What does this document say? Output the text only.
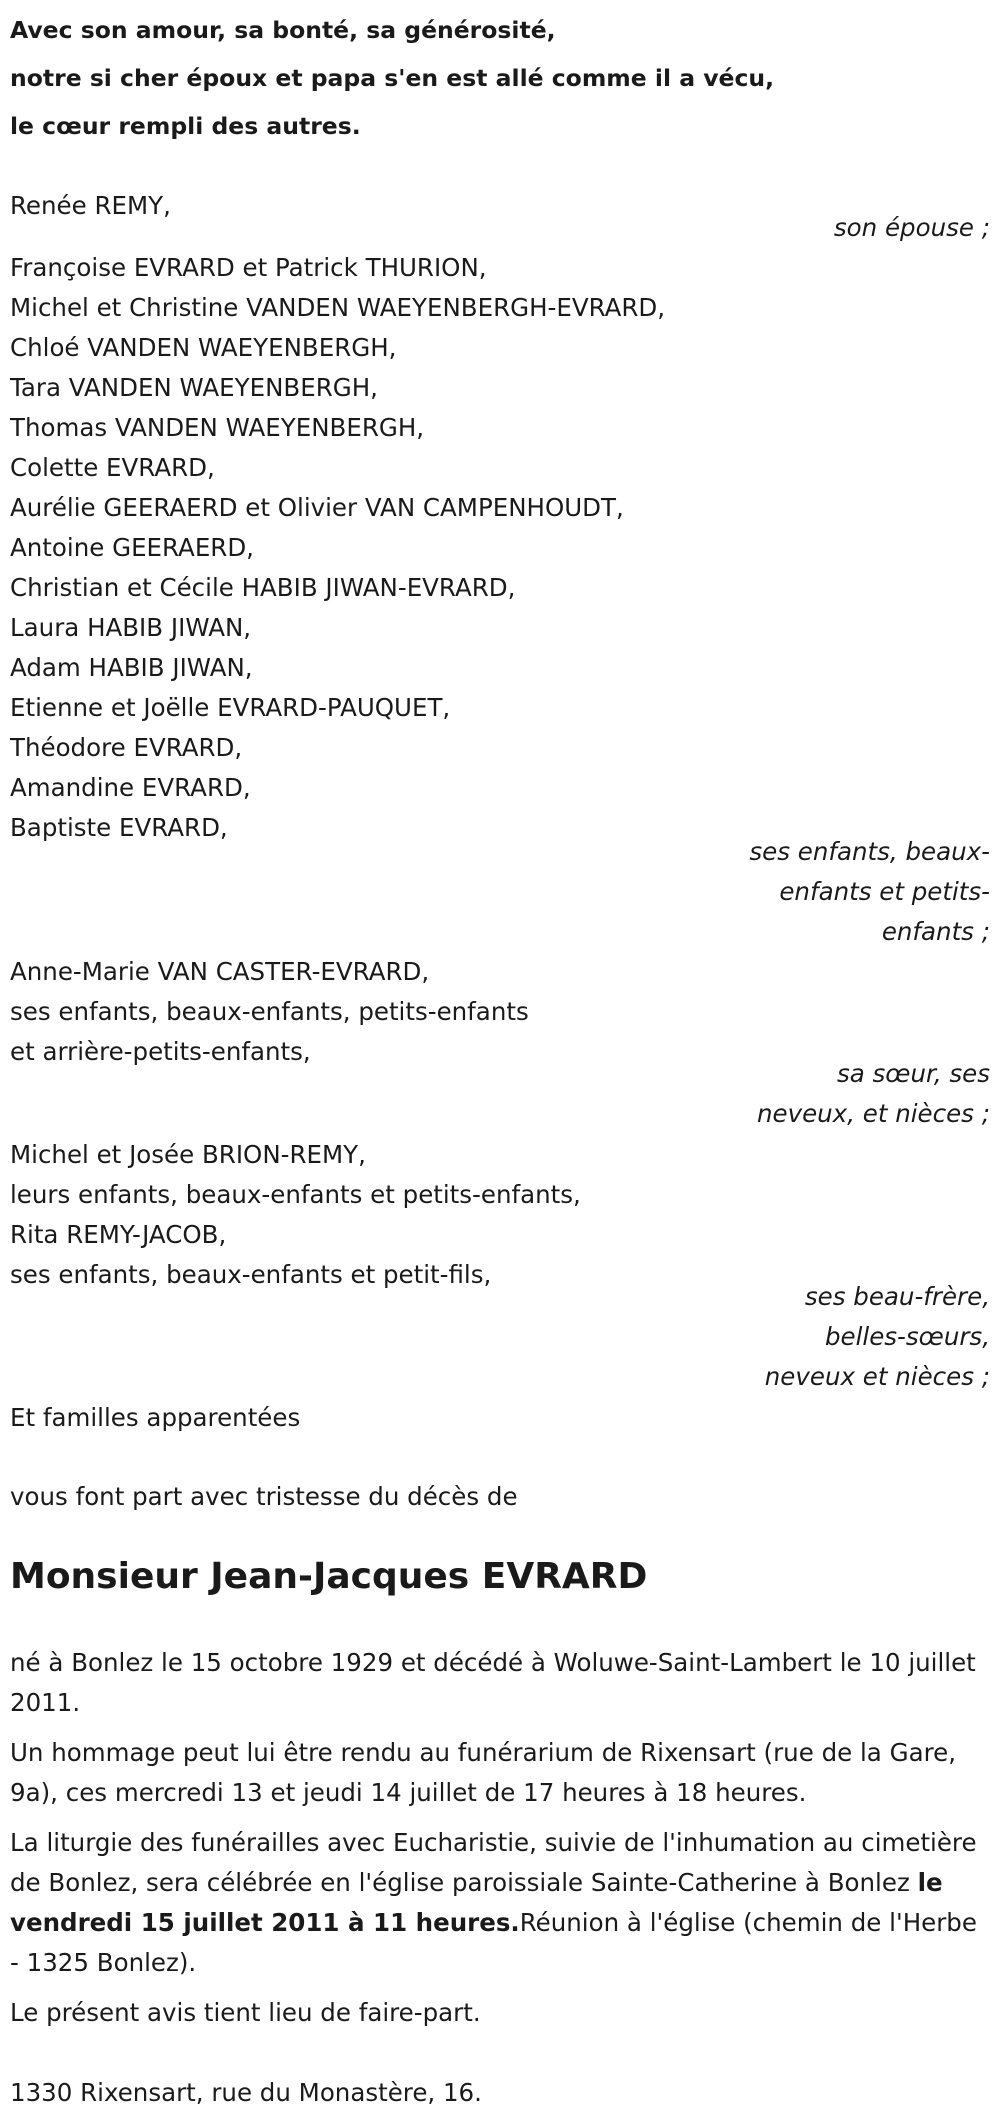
Avec son amour, sa bonté, sa générosité,
notre si cher époux et papa s'en est allé comme il a vécu,
le cœur rempli des autres.
Renée REMY,
son épouse ;
Françoise EVRARD et Patrick THURION,
Michel et Christine VANDEN WAEYENBERGH-EVRARD,
Chloé VANDEN WAEYENBERGH,
Tara VANDEN WAEYENBERGH,
Thomas VANDEN WAEYENBERGH,
Colette EVRARD,
Aurélie GEERAERD et Olivier VAN CAMPENHOUDT,
Antoine GEERAERD,
Christian et Cécile HABIB JIWAN-EVRARD,
Laura HABIB JIWAN,
Adam HABIB JIWAN,
Etienne et Joëlle EVRARD-PAUQUET,
Théodore EVRARD,
Amandine EVRARD,
Baptiste EVRARD,
ses enfants, beaux-
enfants et petits-
enfants ;
Anne-Marie VAN CASTER-EVRARD,
ses enfants, beaux-enfants, petits-enfants
et arrière-petits-enfants,
sa sœur, ses
neveux, et nièces ;
Michel et Josée BRION-REMY,
leurs enfants, beaux-enfants et petits-enfants,
Rita REMY-JACOB,
ses enfants, beaux-enfants et petit-fils,
ses beau-frère,
belles-sœurs,
neveux et nièces ;
Et familles apparentées
vous font part avec tristesse du décès de
Monsieur Jean-Jacques EVRARD
né à Bonlez le 15 octobre 1929 et décédé à Woluwe-Saint-Lambert le 10 juillet 2011.
Un hommage peut lui être rendu au funérarium de Rixensart (rue de la Gare, 9a), ces mercredi 13 et jeudi 14 juillet de 17 heures à 18 heures.
La liturgie des funérailles avec Eucharistie, suivie de l'inhumation au cimetière de Bonlez, sera célébrée en l'église paroissiale Sainte-Catherine à Bonlez le vendredi 15 juillet 2011 à 11 heures.Réunion à l'église (chemin de l'Herbe - 1325 Bonlez).
Le présent avis tient lieu de faire-part.
1330 Rixensart, rue du Monastère, 16.
